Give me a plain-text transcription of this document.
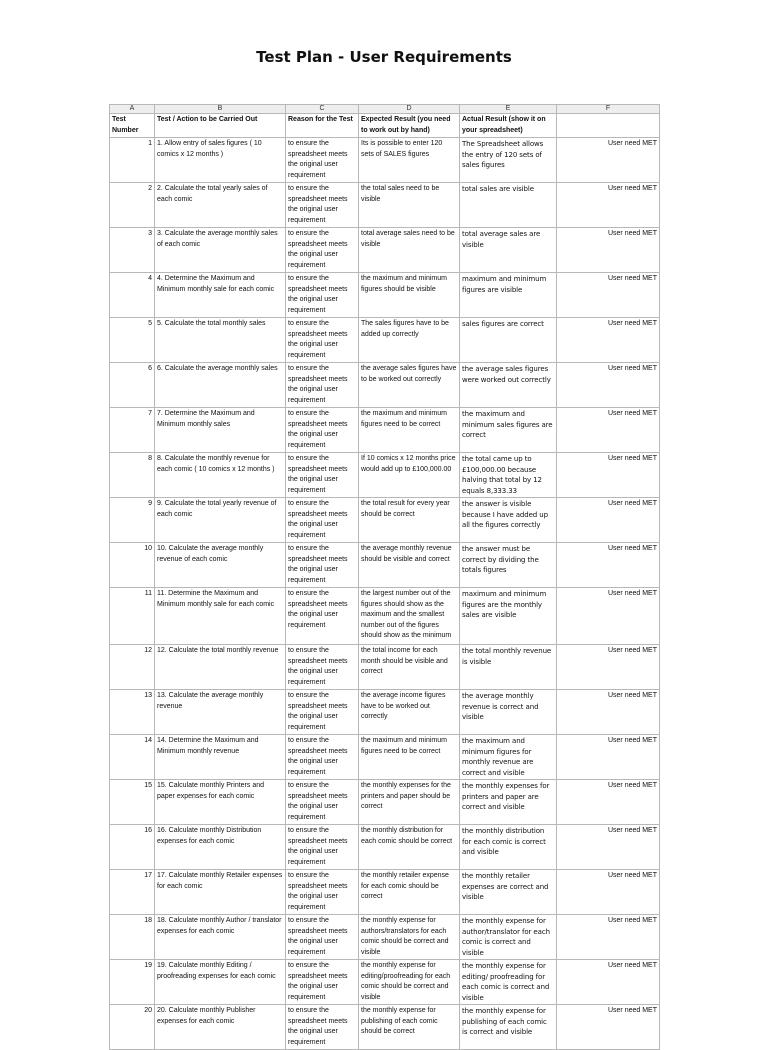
Test Plan - User Requirements
A	B	C	D	E	F
Test Number	Test / Action to be Carried Out	Reason for the Test	Expected Result (you need to work out by hand)	Actual Result (show it on your spreadsheet)	
1	1. Allow entry of sales figures ( 10 comics x 12 months )	to ensure the spreadsheet meets the original user requirement	Its is possible to enter 120 sets of SALES figures	The Spreadsheet allows the entry of 120 sets of sales figures	User need MET
2	2. Calculate the total yearly sales of each comic	to ensure the spreadsheet meets the original user requirement	the total sales need to be visible	total sales are visible	User need MET
3	3. Calculate the average monthly sales of each comic	to ensure the spreadsheet meets the original user requirement	total average sales need to be visible	total average sales are visible	User need MET
4	4. Determine the Maximum and Minimum monthly sale for each comic	to ensure the spreadsheet meets the original user requirement	the maximum and minimum figures should be visible	maximum and minimum figures are visible	User need MET
5	5. Calculate the total monthly sales	to ensure the spreadsheet meets the original user requirement	The sales figures have to be added up correctly	sales figures are correct	User need MET
6	6. Calculate the average monthly sales	to ensure the spreadsheet meets the original user requirement	the average sales figures have to be worked out correctly	the average sales figures were worked out correctly	User need MET
7	7. Determine the Maximum and Minimum monthly sales	to ensure the spreadsheet meets the original user requirement	the maximum and minimum figures need to be correct	the maximum and minimum sales figures are correct	User need MET
8	8. Calculate the monthly revenue for each comic ( 10 comics x 12 months )	to ensure the spreadsheet meets the original user requirement	If 10 comics x 12 months price would add up to £100,000.00	the total came up to £100,000.00 because halving that total by 12 equals 8,333.33	User need MET
9	9. Calculate the total yearly revenue of each comic	to ensure the spreadsheet meets the original user requirement	the total result for every year should be correct	the answer is visible because I have added up all the figures correctly	User need MET
10	10. Calculate the average monthly revenue of each comic	to ensure the spreadsheet meets the original user requirement	the average monthly revenue should be visible and correct	the answer must be correct by dividing the totals figures	User need MET
11	11. Determine the Maximum and Minimum monthly sale for each comic	to ensure the spreadsheet meets the original user requirement	the largest number out of the figures should show as the maximum and the smallest number out of the figures should show as the minimum	maximum and minimum figures are the monthly sales are visible	User need MET
12	12. Calculate the total monthly revenue	to ensure the spreadsheet meets the original user requirement	the total income for each month should be visible and correct	the total monthly revenue is visible	User need MET
13	13. Calculate the average monthly revenue	to ensure the spreadsheet meets the original user requirement	the average income figures have to be worked out correctly	the average monthly revenue is correct and visible	User need MET
14	14. Determine the Maximum and Minimum monthly revenue	to ensure the spreadsheet meets the original user requirement	the maximum and minimum figures need to be correct	the maximum and minimum figures for monthly revenue are correct and visible	User need MET
15	15. Calculate monthly Printers and paper expenses for each comic	to ensure the spreadsheet meets the original user requirement	the monthly expenses for the printers and paper should be correct	the monthly expenses for printers and paper are correct and visible	User need MET
16	16. Calculate monthly Distribution expenses for each comic	to ensure the spreadsheet meets the original user requirement	the monthly distribution for each comic should be correct	the monthly distribution for each comic is correct and visible	User need MET
17	17. Calculate monthly Retailer expenses for each comic	to ensure the spreadsheet meets the original user requirement	the monthly retailer expense for each comic should be correct	the monthly retailer expenses are correct and visible	User need MET
18	18. Calculate monthly Author / translator expenses for each comic	to ensure the spreadsheet meets the original user requirement	the monthly expense for authors/translators for each comic should be correct and visible	the monthly expense for author/translator for each comic is correct and visible	User need MET
19	19. Calculate monthly Editing / proofreading expenses for each comic	to ensure the spreadsheet meets the original user requirement	the monthly expense for editing/proofreading for each comic should be correct and visible	the monthly expense for editing/ proofreading for each comic is correct and visible	User need MET
20	20. Calculate monthly Publisher expenses for each comic	to ensure the spreadsheet meets the original user requirement	the monthly expense for publishing of each comic should be correct	the monthly expense for publishing of each comic is correct and visible	User need MET
